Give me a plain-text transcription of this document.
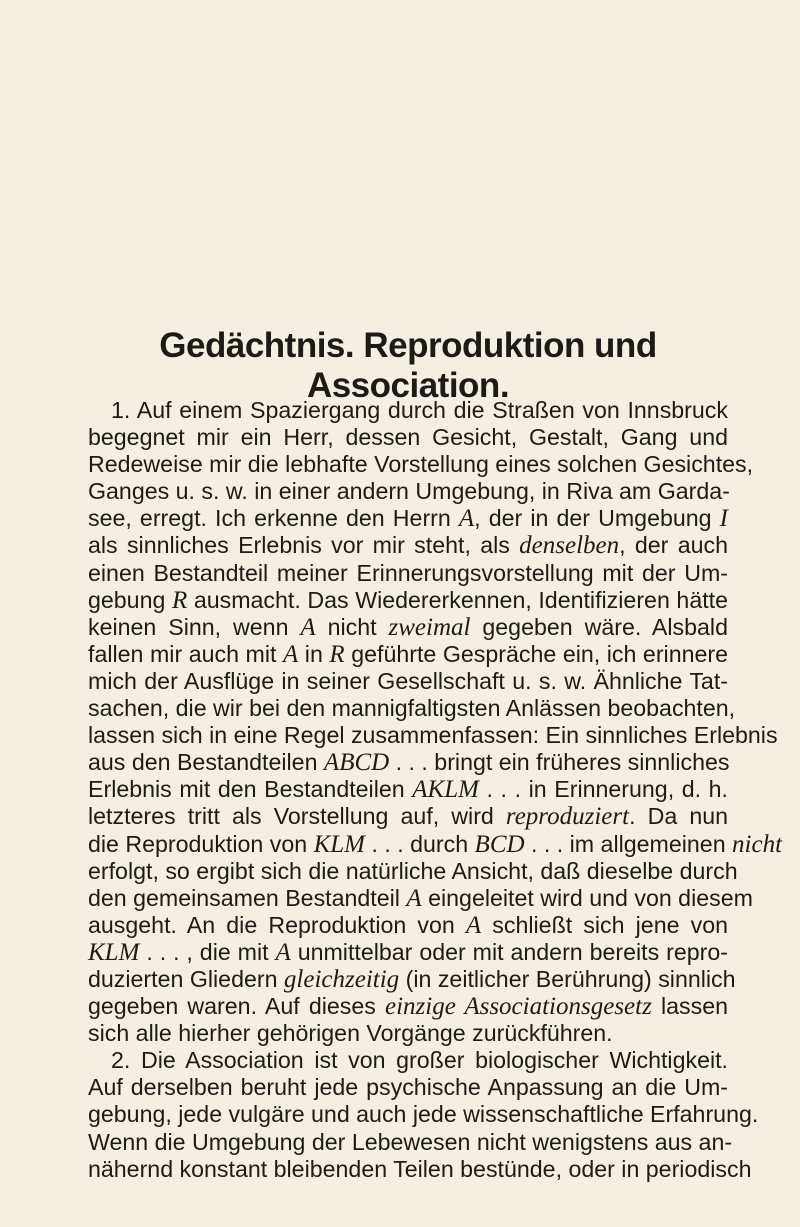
Gedächtnis. Reproduktion und Association.
1. Auf einem Spaziergang durch die Straßen von Innsbruck
begegnet mir ein Herr, dessen Gesicht, Gestalt, Gang und
Redeweise mir die lebhafte Vorstellung eines solchen Gesichtes,
Ganges u. s. w. in einer andern Umgebung, in Riva am Garda-
see, erregt. Ich erkenne den Herrn A, der in der Umgebung I
als sinnliches Erlebnis vor mir steht, als denselben, der auch
einen Bestandteil meiner Erinnerungsvorstellung mit der Um-
gebung R ausmacht. Das Wiedererkennen, Identifizieren hätte
keinen Sinn, wenn A nicht zweimal gegeben wäre. Alsbald
fallen mir auch mit A in R geführte Gespräche ein, ich erinnere
mich der Ausflüge in seiner Gesellschaft u. s. w. Ähnliche Tat-
sachen, die wir bei den mannigfaltigsten Anlässen beobachten,
lassen sich in eine Regel zusammenfassen: Ein sinnliches Erlebnis
aus den Bestandteilen ABCD . . . bringt ein früheres sinnliches
Erlebnis mit den Bestandteilen AKLM . . . in Erinnerung, d. h.
letzteres tritt als Vorstellung auf, wird reproduziert. Da nun
die Reproduktion von KLM . . . durch BCD . . . im allgemeinen nicht
erfolgt, so ergibt sich die natürliche Ansicht, daß dieselbe durch
den gemeinsamen Bestandteil A eingeleitet wird und von diesem
ausgeht. An die Reproduktion von A schließt sich jene von
KLM . . . , die mit A unmittelbar oder mit andern bereits repro-
duzierten Gliedern gleichzeitig (in zeitlicher Berührung) sinnlich
gegeben waren. Auf dieses einzige Associationsgesetz lassen
sich alle hierher gehörigen Vorgänge zurückführen.
2. Die Association ist von großer biologischer Wichtigkeit.
Auf derselben beruht jede psychische Anpassung an die Um-
gebung, jede vulgäre und auch jede wissenschaftliche Erfahrung.
Wenn die Umgebung der Lebewesen nicht wenigstens aus an-
nähernd konstant bleibenden Teilen bestünde, oder in periodisch
